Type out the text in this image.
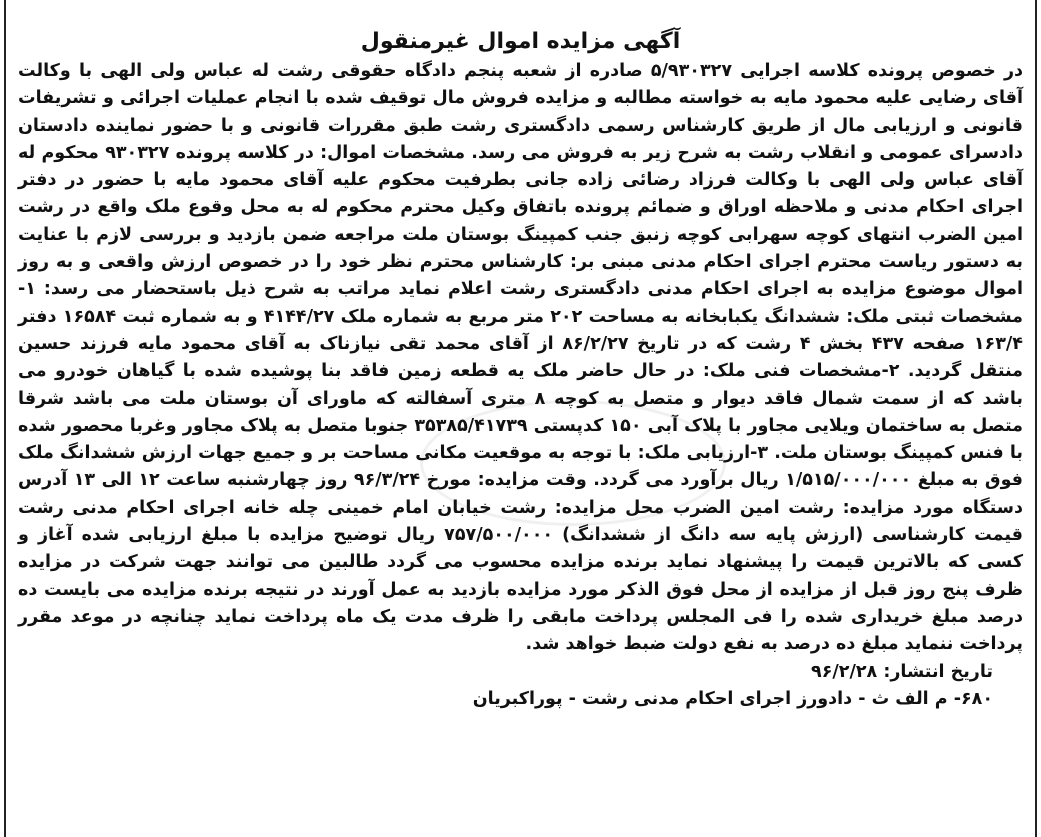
آگهی مزایده اموال غیرمنقول

در خصوص پرونده کلاسه اجرایی ۵/۹۳۰۳۲۷ صادره از شعبه پنجم دادگاه حقوقی رشت له عباس ولی الهی با وکالت آقای رضایی علیه محمود مایه به خواسته مطالبه و مزایده فروش مال توقیف شده با انجام عملیات اجرائی و تشریفات قانونی و ارزیابی مال از طریق کارشناس رسمی دادگستری رشت طبق مقررات قانونی و با حضور نماینده دادستان دادسرای عمومی و انقلاب رشت به شرح زیر به فروش می رسد. مشخصات اموال: در کلاسه پرونده ۹۳۰۳۲۷ محکوم له آقای عباس ولی الهی با وکالت فرزاد رضائی زاده جانی بطرفیت محکوم علیه آقای محمود مایه با حضور در دفتر اجرای احکام مدنی و ملاحظه اوراق و ضمائم پرونده باتفاق وکیل محترم محکوم له به محل وقوع ملک واقع در رشت امین الضرب انتهای کوچه سهرابی کوچه زنبق جنب کمپینگ بوستان ملت مراجعه ضمن بازدید و بررسی لازم با عنایت به دستور ریاست محترم اجرای احکام مدنی مبنی بر: کارشناس محترم نظر خود را در خصوص ارزش واقعی و به روز اموال موضوع مزایده به اجرای احکام مدنی دادگستری رشت اعلام نماید مراتب به شرح ذیل باستحضار می رسد: ۱-مشخصات ثبتی ملک: ششدانگ یکبابخانه به مساحت ۲۰۲ متر مربع به شماره ملک ۴۱۴۴/۲۷ و به شماره ثبت ۱۶۵۸۴ دفتر ۱۶۳/۴ صفحه ۴۳۷ بخش ۴ رشت که در تاریخ ۸۶/۲/۲۷ از آقای محمد تقی نیازناک به آقای محمود مایه فرزند حسین منتقل گردید. ۲-مشخصات فنی ملک: در حال حاضر ملک یه قطعه زمین فاقد بنا پوشیده شده با گیاهان خودرو می باشد که از سمت شمال فاقد دیوار و متصل به کوچه ۸ متری آسفالته که ماورای آن بوستان ملت می باشد شرقا متصل به ساختمان ویلایی مجاور با پلاک آبی ۱۵۰ کدپستی ۳۵۳۸۵/۴۱۷۳۹ جنوبا متصل به پلاک مجاور وغربا محصور شده با فنس کمپینگ بوستان ملت. ۳-ارزیابی ملک: با توجه به موقعیت مکانی مساحت بر و جمیع جهات ارزش ششدانگ ملک فوق به مبلغ ۱/۵۱۵/۰۰۰/۰۰۰ ریال برآورد می گردد. وقت مزایده: مورخ ۹۶/۳/۲۴ روز چهارشنبه ساعت ۱۲ الی ۱۳ آدرس دستگاه مورد مزایده: رشت امین الضرب محل مزایده: رشت خیابان امام خمینی چله خانه اجرای احکام مدنی رشت قیمت کارشناسی (ارزش پایه سه دانگ از ششدانگ) ۷۵۷/۵۰۰/۰۰۰ ریال توضیح مزایده با مبلغ ارزیابی شده آغاز و کسی که بالاترین قیمت را پیشنهاد نماید برنده مزایده محسوب می گردد طالبین می توانند جهت شرکت در مزایده ظرف پنج روز قبل از مزایده از محل فوق الذکر مورد مزایده بازدید به عمل آورند در نتیجه برنده مزایده می بایست ده درصد مبلغ خریداری شده را فی المجلس پرداخت مابقی را ظرف مدت یک ماه پرداخت نماید چنانچه در موعد مقرر پرداخت ننماید مبلغ ده درصد به نفع دولت ضبط خواهد شد.

تاریخ انتشار: ۹۶/۲/۲۸

۶۸۰- م الف ث - دادورز اجرای احکام مدنی رشت - پوراکبریان
